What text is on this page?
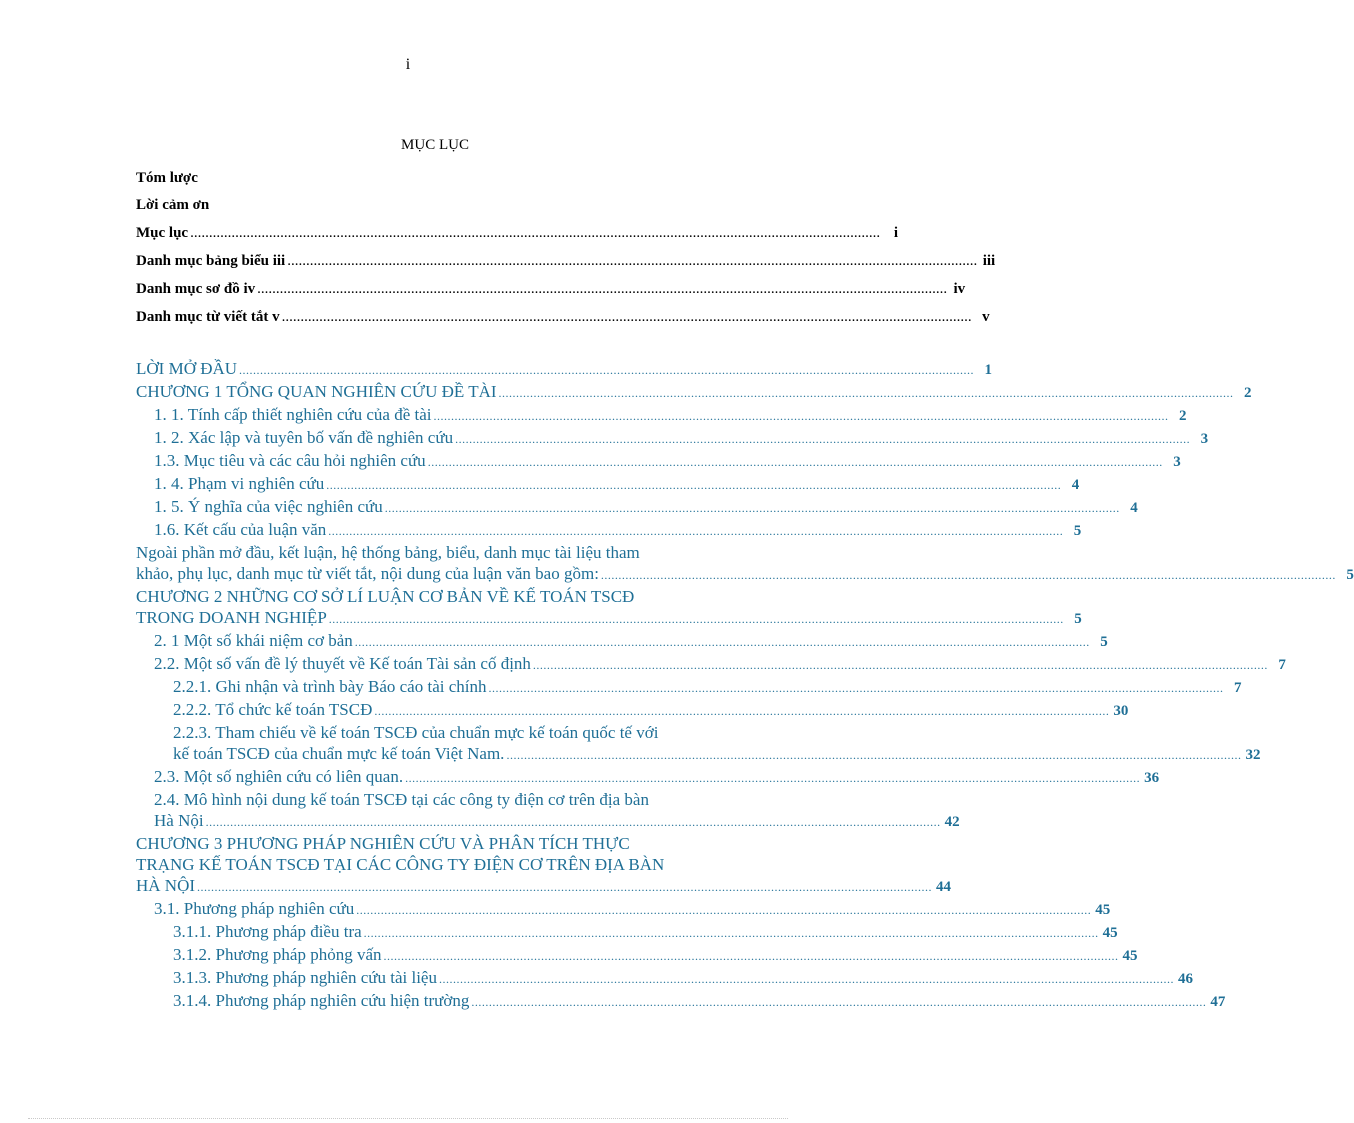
i
MỤC LỤC
Tóm lược
Lời cảm ơn
Mục lục ........................................................................................................................................................................................ i
Danh mục bảng biểu iii ........................................................................................................................................................................................ iii
Danh mục sơ đồ iv ........................................................................................................................................................................................ iv
Danh mục từ viết tắt v ........................................................................................................................................................................................ v
LỜI MỞ ĐẦU .................................................................................................................................................................................................................. 1
CHƯƠNG 1 TỔNG QUAN NGHIÊN CỨU ĐỀ TÀI .................................................................................................................................................................................................................. 2
1. 1. Tính cấp thiết nghiên cứu của đề tài .................................................................................................................................................................................................................. 2
1. 2. Xác lập và tuyên bố vấn đề nghiên cứu .................................................................................................................................................................................................................. 3
1.3. Mục tiêu và các câu hỏi nghiên cứu .................................................................................................................................................................................................................. 3
1. 4. Phạm vi nghiên cứu .................................................................................................................................................................................................................. 4
1. 5. Ý nghĩa của việc nghiên cứu .................................................................................................................................................................................................................. 4
1.6. Kết cấu của luận văn .................................................................................................................................................................................................................. 5
Ngoài phần mở đầu, kết luận, hệ thống bảng, biểu, danh mục tài liệu tham
khảo, phụ lục, danh mục từ viết tắt, nội dung của luận văn bao gồm: .................................................................................................................................................................................................................. 5
CHƯƠNG 2 NHỮNG CƠ SỞ LÍ LUẬN CƠ BẢN VỀ KẾ TOÁN TSCĐ
TRONG DOANH NGHIỆP .................................................................................................................................................................................................................. 5
2. 1 Một số khái niệm cơ bản .................................................................................................................................................................................................................. 5
2.2. Một số vấn đề lý thuyết về Kế toán Tài sản cố định .................................................................................................................................................................................................................. 7
2.2.1. Ghi nhận và trình bày Báo cáo tài chính .................................................................................................................................................................................................................. 7
2.2.2. Tổ chức kế toán TSCĐ .................................................................................................................................................................................................................. 30
2.2.3. Tham chiếu về kế toán TSCĐ của chuẩn mực kế toán quốc tế với
kế toán TSCĐ của chuẩn mực kế toán Việt Nam. .................................................................................................................................................................................................................. 32
2.3. Một số nghiên cứu có liên quan. .................................................................................................................................................................................................................. 36
2.4. Mô hình nội dung kế toán TSCĐ tại các công ty điện cơ trên địa bàn
Hà Nội .................................................................................................................................................................................................................. 42
CHƯƠNG 3 PHƯƠNG PHÁP NGHIÊN CỨU VÀ PHÂN TÍCH THỰC
TRẠNG KẾ TOÁN TSCĐ TẠI CÁC CÔNG TY ĐIỆN CƠ TRÊN ĐỊA BÀN
HÀ NỘI .................................................................................................................................................................................................................. 44
3.1. Phương pháp nghiên cứu .................................................................................................................................................................................................................. 45
3.1.1. Phương pháp điều tra .................................................................................................................................................................................................................. 45
3.1.2. Phương pháp phỏng vấn .................................................................................................................................................................................................................. 45
3.1.3. Phương pháp nghiên cứu tài liệu .................................................................................................................................................................................................................. 46
3.1.4. Phương pháp nghiên cứu hiện trường .................................................................................................................................................................................................................. 47
